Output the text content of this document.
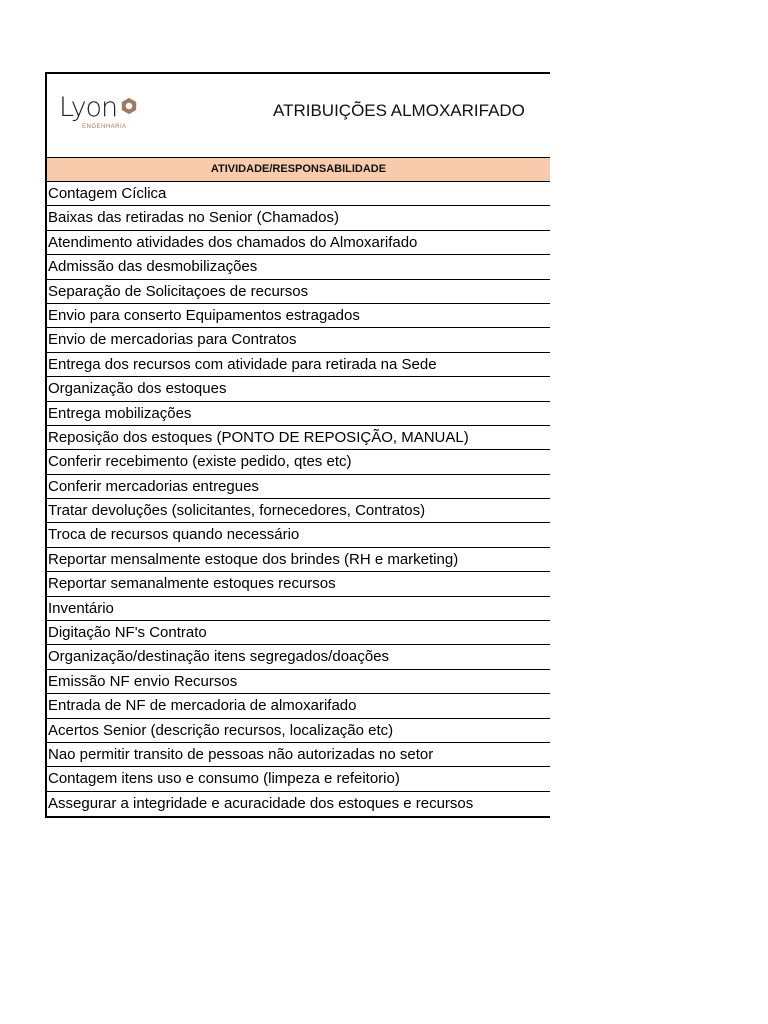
Lyon
ENGENHARIA
ATRIBUIÇÕES ALMOXARIFADO
ATIVIDADE/RESPONSABILIDADE
Contagem Cíclica
Baixas das retiradas no Senior (Chamados)
Atendimento atividades dos chamados do Almoxarifado
Admissão das desmobilizações
Separação de Solicitaçoes de recursos
Envio para conserto Equipamentos estragados
Envio de mercadorias para Contratos
Entrega dos recursos com atividade para retirada na Sede
Organização dos estoques
Entrega mobilizações
Reposição dos estoques (PONTO DE REPOSIÇÃO, MANUAL)
Conferir recebimento (existe pedido, qtes etc)
Conferir mercadorias entregues
Tratar devoluções (solicitantes, fornecedores, Contratos)
Troca de recursos quando necessário
Reportar mensalmente estoque dos brindes (RH e marketing)
Reportar semanalmente estoques recursos
Inventário
Digitação NF's Contrato
Organização/destinação itens segregados/doações
Emissão NF envio Recursos
Entrada de NF de mercadoria de almoxarifado
Acertos Senior (descrição recursos, localização etc)
Nao permitir transito de pessoas não autorizadas no setor
Contagem itens uso e consumo (limpeza e refeitorio)
Assegurar a integridade e acuracidade dos estoques e recursos
